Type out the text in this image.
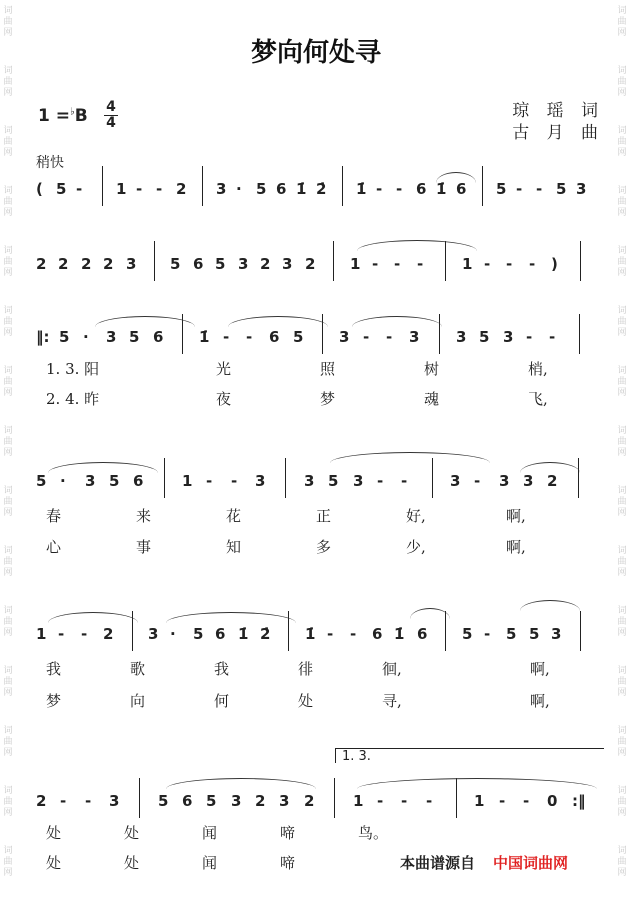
词
曲
网
词
曲
网
词
曲
网
词
曲
网
词
曲
网
词
曲
网
词
曲
网
词
曲
网
词
曲
网
词
曲
网
词
曲
网
词
曲
网
词
曲
网
词
曲
网
词
曲
网
词
曲
网
词
曲
网
词
曲
网
词
曲
网
词
曲
网
词
曲
网
词
曲
网
词
曲
网
词
曲
网
词
曲
网
词
曲
网
词
曲
网
词
曲
网
词
曲
网
词
曲
网
梦向何处寻
1 =♭B 4
4
琼 瑶 词
古 月 曲
稍快
( 5 - 1 - - 2 3 · 5 6 1̇ 2̇ 1̇ - - 6 1̇ 6 5 - - 5 3
2 2 2 2 3 5 6 5 3 2 3 2 1 - - -	1 - - - )
‖: 5 · 3 5 6 1̇ - - 6 5 3 - - 3 3 5 3 - -
5 · 3 5 6	1 - - 3	3 5 3 - -	3 - 3 3 2
1 - - 2 3 · 5 6 1̇ 2̇ 1̇ - - 6 1̇ 6 5 - 5 5 3
2 - - 3	5 6 5 3 2 3 2	1 - - -	1 - - 0 :‖
1. 3. 阳	光	照	树	梢,
2. 4. 昨	夜	梦	魂	飞,
春	来	花	正	好,	啊,
心	事	知	多	少,	啊,
我	歌	我	徘	徊,	啊,
梦	向	何	处	寻,	啊,
处	处	闻	啼	鸟。
处	处	闻	啼
1. 3.
本曲谱源自 中国词曲网
